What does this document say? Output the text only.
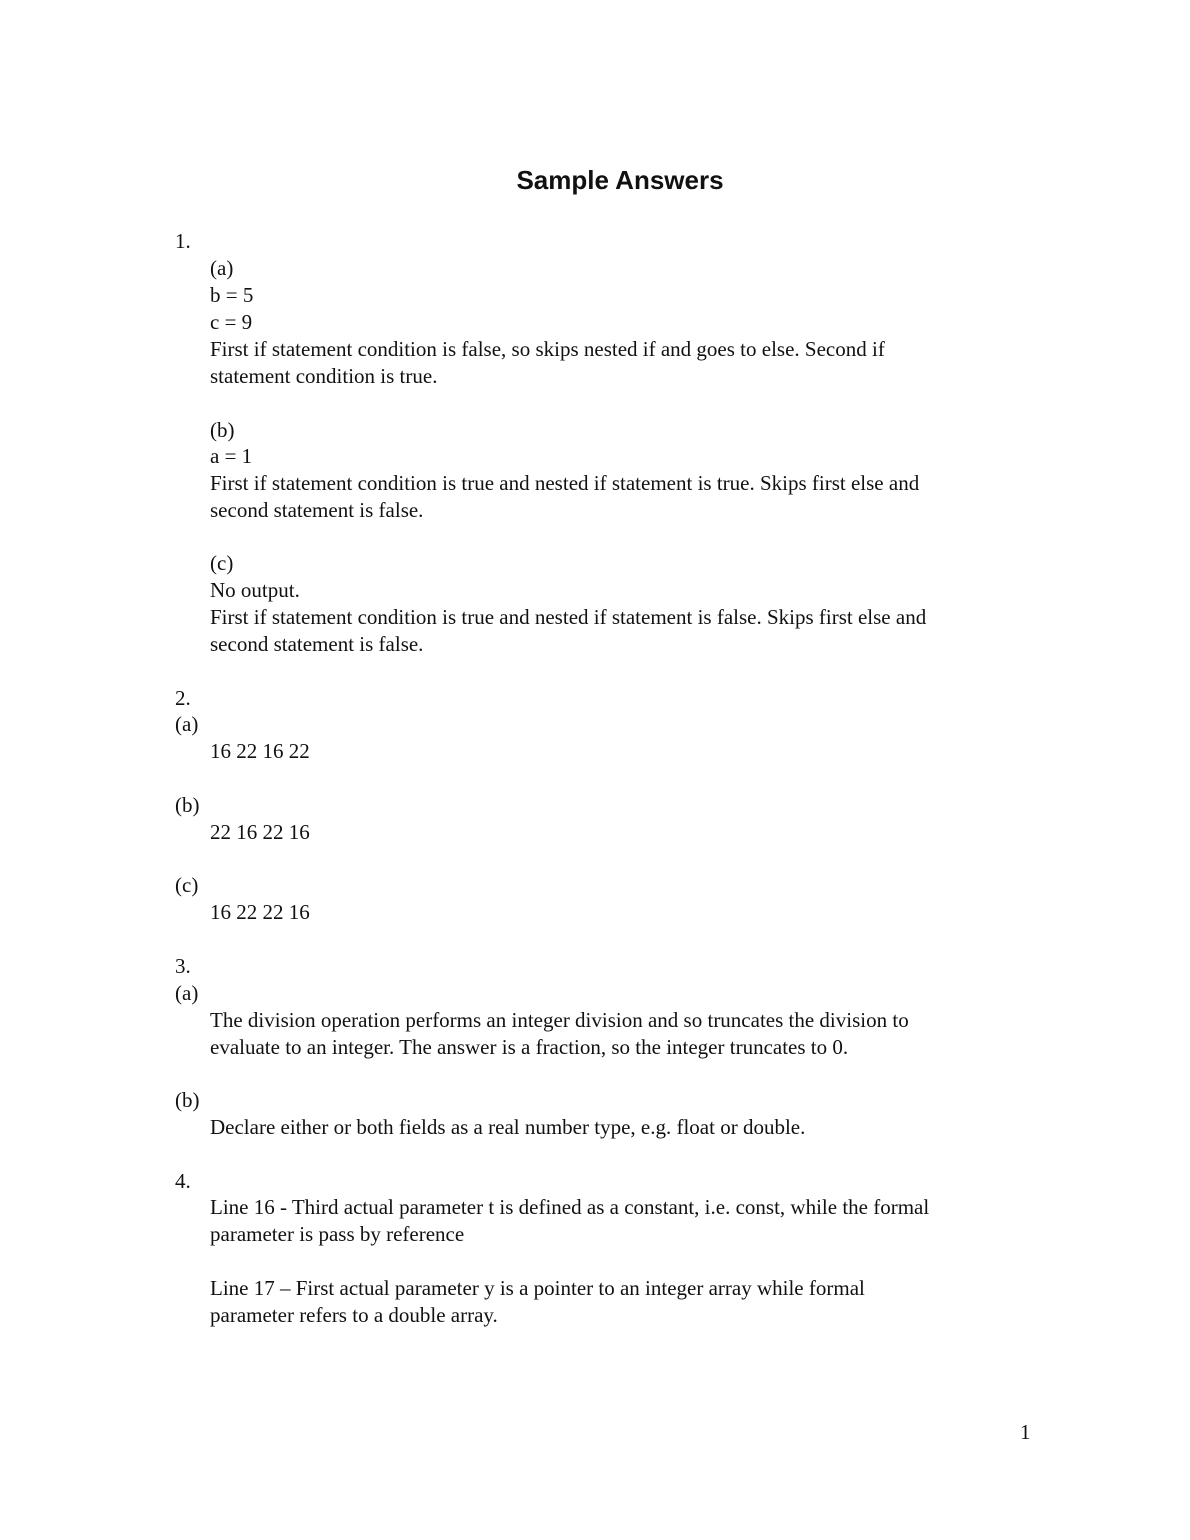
Sample Answers
1.
(a)
b = 5
c = 9
First if statement condition is false, so skips nested if and goes to else. Second if
statement condition is true.
(b)
a = 1
First if statement condition is true and nested if statement is true. Skips first else and
second statement is false.
(c)
No output.
First if statement condition is true and nested if statement is false. Skips first else and
second statement is false.
2.
(a)
16 22 16 22
(b)
22 16 22 16
(c)
16 22 22 16
3.
(a)
The division operation performs an integer division and so truncates the division to
evaluate to an integer. The answer is a fraction, so the integer truncates to 0.
(b)
Declare either or both fields as a real number type, e.g. float or double.
4.
Line 16 - Third actual parameter t is defined as a constant, i.e. const, while the formal
parameter is pass by reference
Line 17 – First actual parameter y is a pointer to an integer array while formal
parameter refers to a double array.
1
